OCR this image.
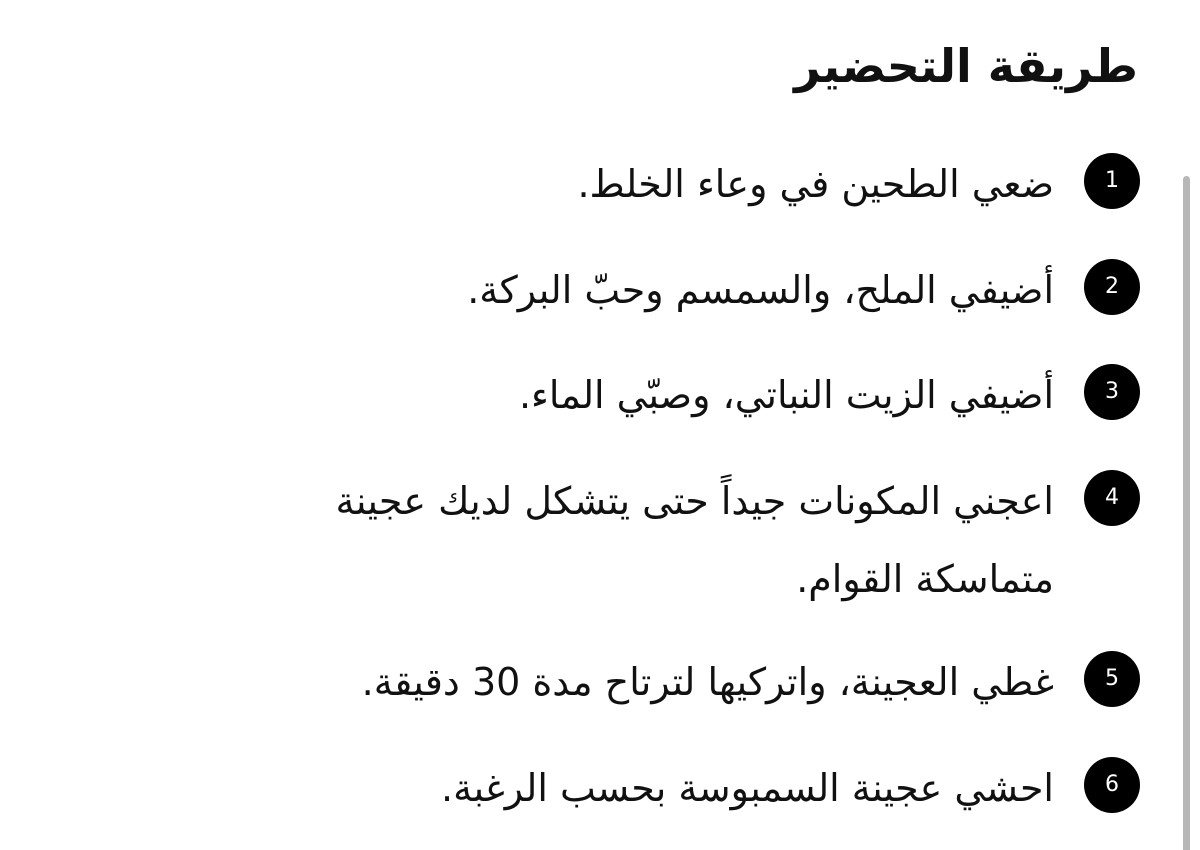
طريقة التحضير
1
ضعي الطحين في وعاء الخلط.
2
أضيفي الملح، والسمسم وحبّ البركة.
3
أضيفي الزيت النباتي، وصبّي الماء.
4
اعجني المكونات جيداً حتى يتشكل لديك عجينة متماسكة القوام.
5
غطي العجينة، واتركيها لترتاح مدة 30 دقيقة.
6
احشي عجينة السمبوسة بحسب الرغبة.
